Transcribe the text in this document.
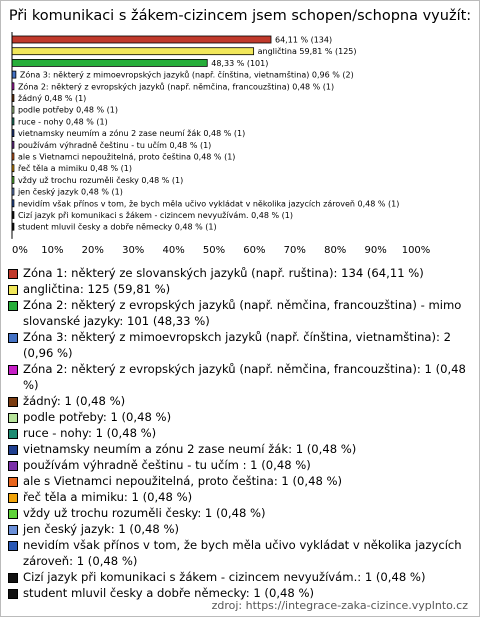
Při komunikaci s žákem-cizincem jsem schopen/schopna využít:
64,11 % (134)
angličtina 59,81 % (125)
48,33 % (101)
Zóna 3: některý z mimoevropských jazyků (např. čínština, vietnamština) 0,96 % (2)
Zóna 2: některý z evropských jazyků (např. němčina, francouzština) 0,48 % (1)
žádný 0,48 % (1)
podle potřeby 0,48 % (1)
ruce - nohy 0,48 % (1)
vietnamsky neumím a zónu 2 zase neumí žák 0,48 % (1)
používám výhradně češtinu - tu učím 0,48 % (1)
ale s Vietnamci nepoužitelná, proto čeština 0,48 % (1)
řeč těla a mimiku 0,48 % (1)
vždy už trochu rozuměli česky 0,48 % (1)
jen český jazyk 0,48 % (1)
nevidím však přínos v tom, že bych měla učivo vykládat v několika jazycích zároveň 0,48 % (1)
Cizí jazyk při komunikaci s žákem - cizincem nevyužívám. 0,48 % (1)
student mluvil česky a dobře německy 0,48 % (1)
0% 10% 20% 30% 40% 50% 60% 70% 80% 90% 100%
Zóna 1: některý ze slovanských jazyků (např. ruština): 134 (64,11 %)
angličtina: 125 (59,81 %)
Zóna 2: některý z evropských jazyků (např. němčina, francouzština) - mimo slovanské jazyky: 101 (48,33 %)
Zóna 3: některý z mimoevropskch jazyků (např. čínština, vietnamština): 2 (0,96 %)
Zóna 2: některý z evropských jazyků (např. němčina, francouzština): 1 (0,48 %)
žádný: 1 (0,48 %)
podle potřeby: 1 (0,48 %)
ruce - nohy: 1 (0,48 %)
vietnamsky neumím a zónu 2 zase neumí žák: 1 (0,48 %)
používám výhradně češtinu - tu učím : 1 (0,48 %)
ale s Vietnamci nepoužitelná, proto čeština: 1 (0,48 %)
řeč těla a mimiku: 1 (0,48 %)
vždy už trochu rozuměli česky: 1 (0,48 %)
jen český jazyk: 1 (0,48 %)
nevidím však přínos v tom, že bych měla učivo vykládat v několika jazycích zároveň: 1 (0,48 %)
Cizí jazyk při komunikaci s žákem - cizincem nevyužívám.: 1 (0,48 %)
student mluvil česky a dobře německy: 1 (0,48 %)
zdroj: https://integrace-zaka-cizince.vyplnto.cz
